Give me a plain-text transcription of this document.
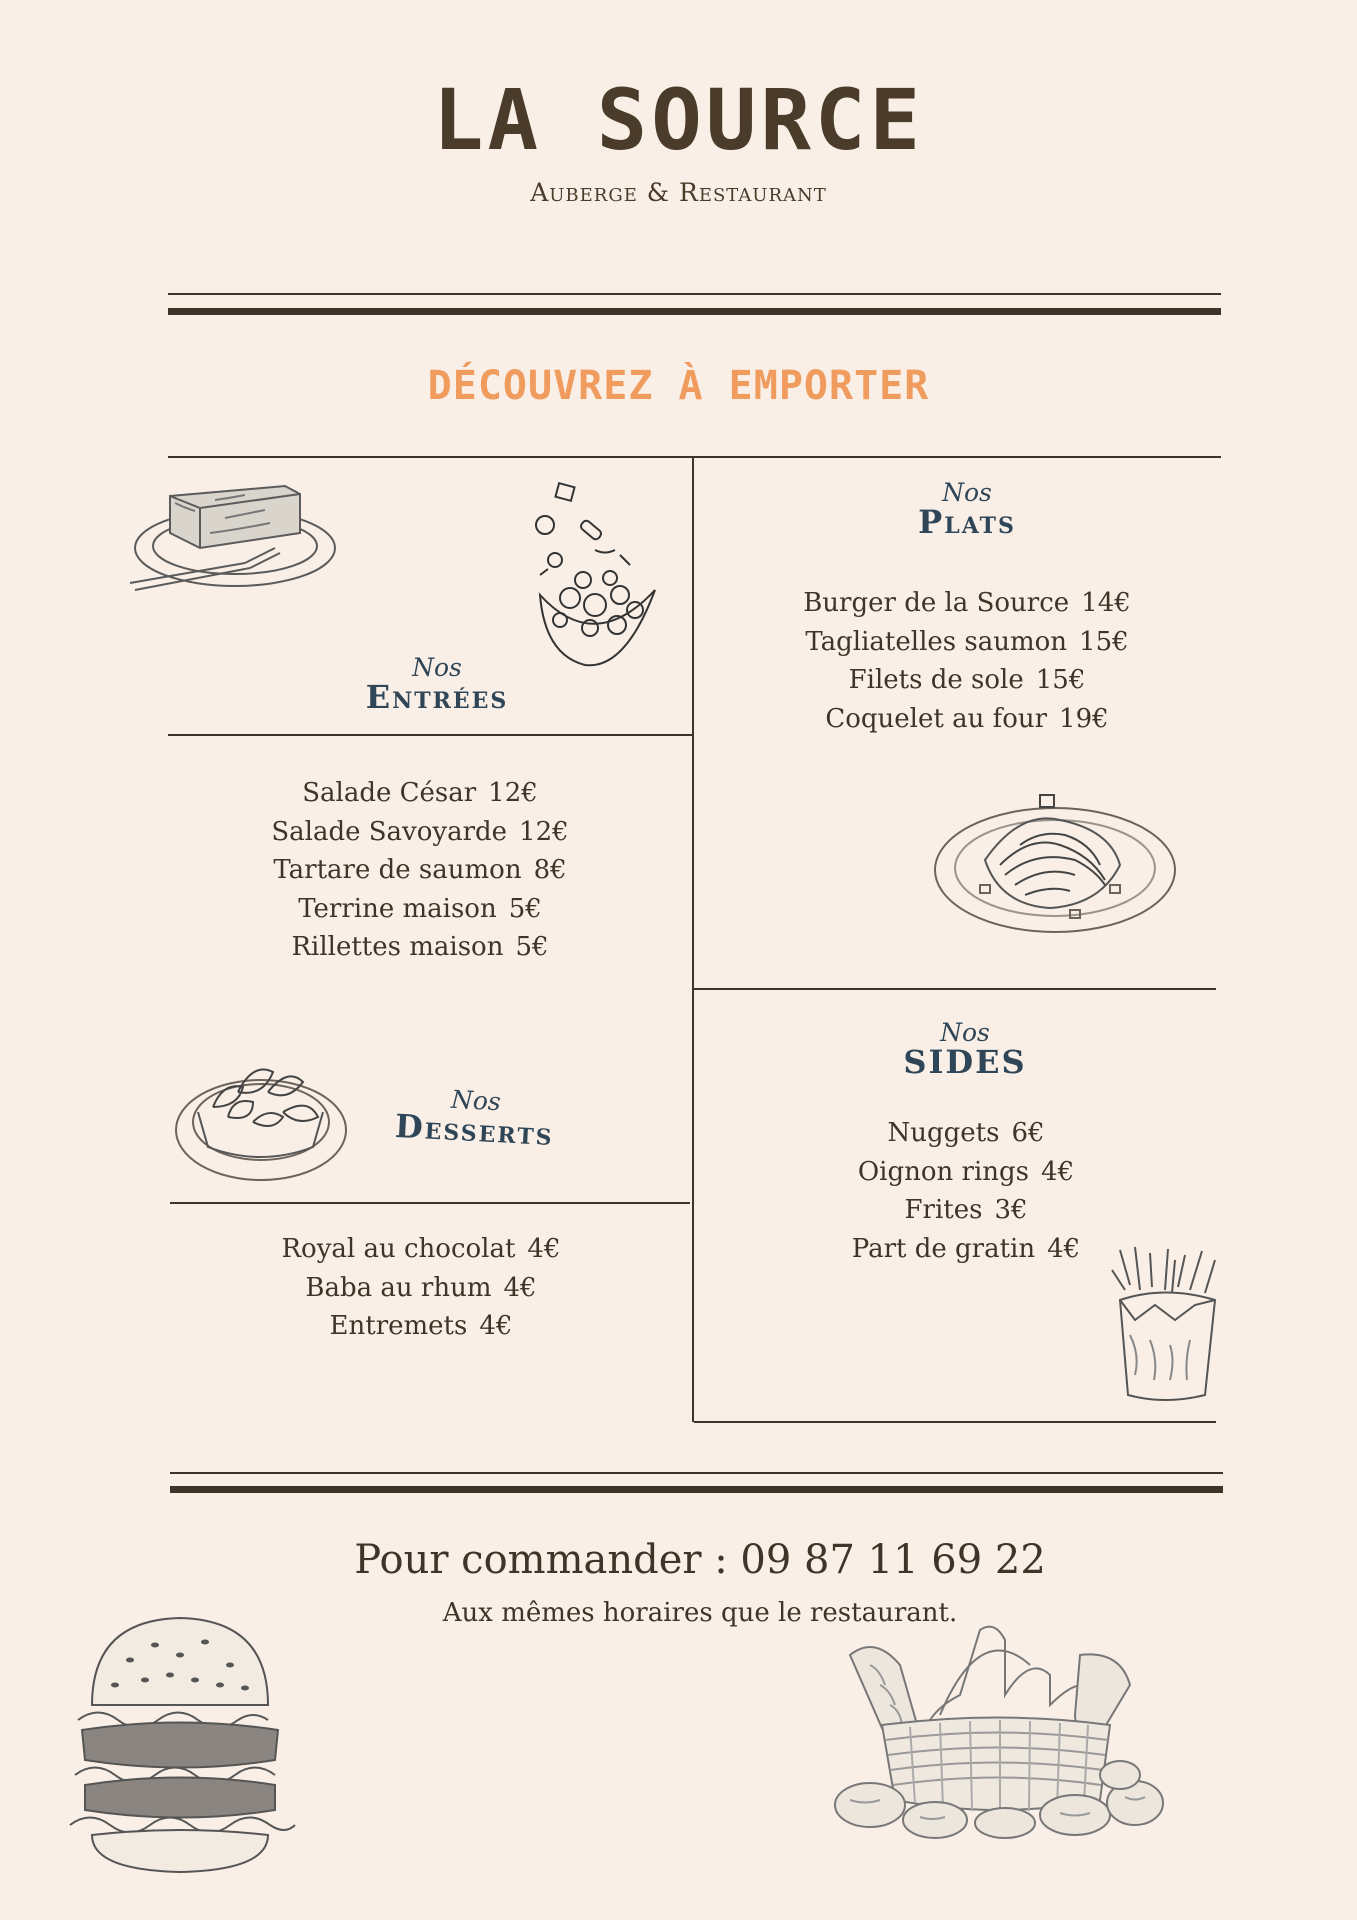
LA SOURCE
Auberge & Restaurant
DÉCOUVREZ À EMPORTER
Nos
Entrées
Salade César 12€
Salade Savoyarde 12€
Tartare de saumon 8€
Terrine maison 5€
Rillettes maison 5€
Nos
Plats
Burger de la Source 14€
Tagliatelles saumon 15€
Filets de sole 15€
Coquelet au four 19€
Nos
Desserts
Royal au chocolat 4€
Baba au rhum 4€
Entremets 4€
Nos
SIDES
Nuggets 6€
Oignon rings 4€
Frites 3€
Part de gratin 4€
Pour commander : 09 87 11 69 22
Aux mêmes horaires que le restaurant.
